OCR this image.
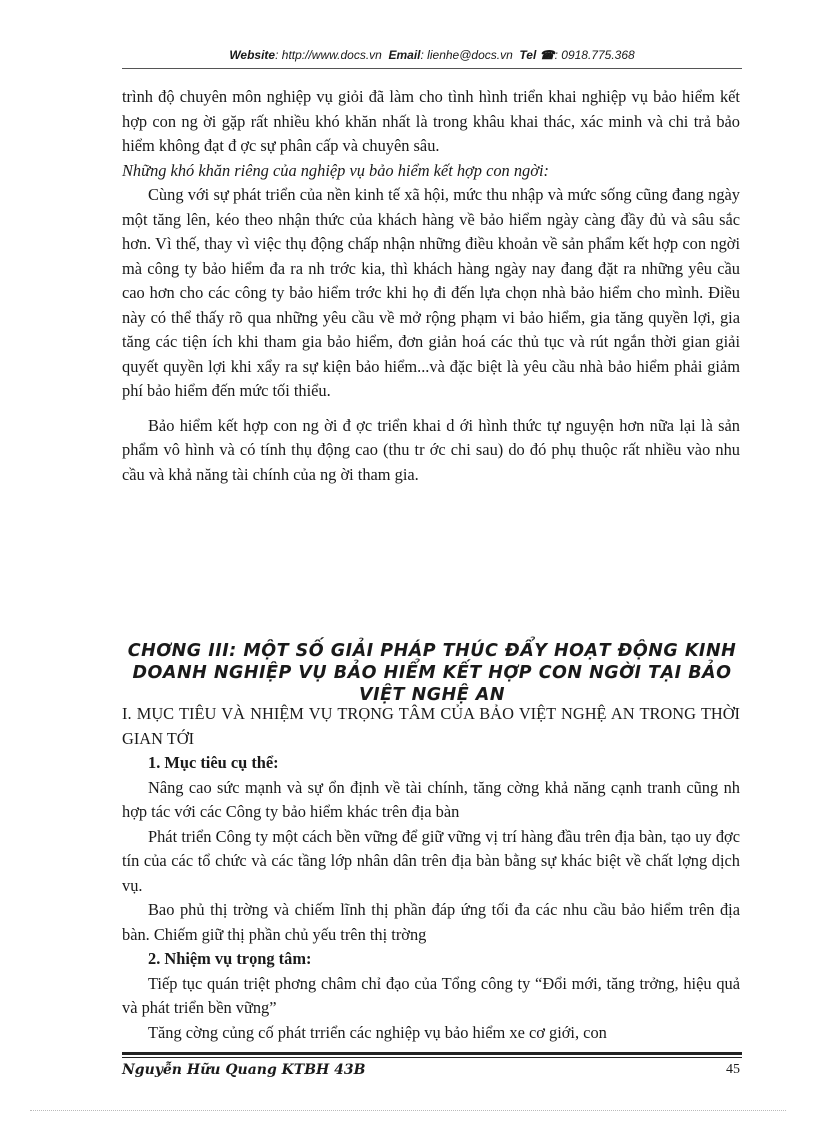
Website: http://www.docs.vn Email: lienhe@docs.vn Tel ☎: 0918.775.368

trình độ chuyên môn nghiệp vụ giỏi đã làm cho tình hình triển khai nghiệp vụ bảo hiểm kết hợp con ng ời gặp rất nhiều khó khăn nhất là trong khâu khai thác, xác minh và chi trả bảo hiểm không đạt đ ợc sự phân cấp và chuyên sâu.

Những khó khăn riêng của nghiệp vụ bảo hiểm kết hợp con ngời:

Cùng với sự phát triển của nền kinh tế xã hội, mức thu nhập và mức sống cũng đang ngày một tăng lên, kéo theo nhận thức của khách hàng về bảo hiểm ngày càng đầy đủ và sâu sắc hơn. Vì thế, thay vì việc thụ động chấp nhận những điều khoản về sản phẩm kết hợp con ngời mà công ty bảo hiểm đa ra nh trớc kia, thì khách hàng ngày nay đang đặt ra những yêu cầu cao hơn cho các công ty bảo hiểm trớc khi họ đi đến lựa chọn nhà bảo hiểm cho mình. Điều này có thể thấy rõ qua những yêu cầu về mở rộng phạm vi bảo hiểm, gia tăng quyền lợi, gia tăng các tiện ích khi tham gia bảo hiểm, đơn giản hoá các thủ tục và rút ngắn thời gian giải quyết quyền lợi khi xẩy ra sự kiện bảo hiểm...và đặc biệt là yêu cầu nhà bảo hiểm phải giảm phí bảo hiểm đến mức tối thiểu.

Bảo hiểm kết hợp con ng ời đ ợc triển khai d ới hình thức tự nguyện hơn nữa lại là sản phẩm vô hình và có tính thụ động cao (thu tr ớc chi sau) do đó phụ thuộc rất nhiều vào nhu cầu và khả năng tài chính của ng ời tham gia.

CHƠNG III: MỘT SỐ GIẢI PHÁP THÚC ĐẨY HOẠT ĐỘNG KINH DOANH NGHIỆP VỤ BẢO HIỂM KẾT HỢP CON NGỜI TẠI BẢO VIỆT NGHỆ AN

I. MỤC TIÊU VÀ NHIỆM VỤ TRỌNG TÂM CỦA BẢO VIỆT NGHỆ AN TRONG THỜI GIAN TỚI

1. Mục tiêu cụ thể:

Nâng cao sức mạnh và sự ổn định về tài chính, tăng cờng khả năng cạnh tranh cũng nh hợp tác với các Công ty bảo hiểm khác trên địa bàn

Phát triển Công ty một cách bền vững để giữ vững vị trí hàng đầu trên địa bàn, tạo uy đợc tín của các tổ chức và các tầng lớp nhân dân trên địa bàn bằng sự khác biệt về chất lợng dịch vụ.

Bao phủ thị trờng và chiếm lĩnh thị phần đáp ứng tối đa các nhu cầu bảo hiểm trên địa bàn. Chiếm giữ thị phần chủ yếu trên thị trờng

2. Nhiệm vụ trọng tâm:

Tiếp tục quán triệt phơng châm chỉ đạo của Tổng công ty “Đổi mới, tăng trởng, hiệu quả và phát triển bền vững”

Tăng cờng củng cố phát trriển các nghiệp vụ bảo hiểm xe cơ giới, con

Nguyễn Hữu Quang KTBH 43B	45
